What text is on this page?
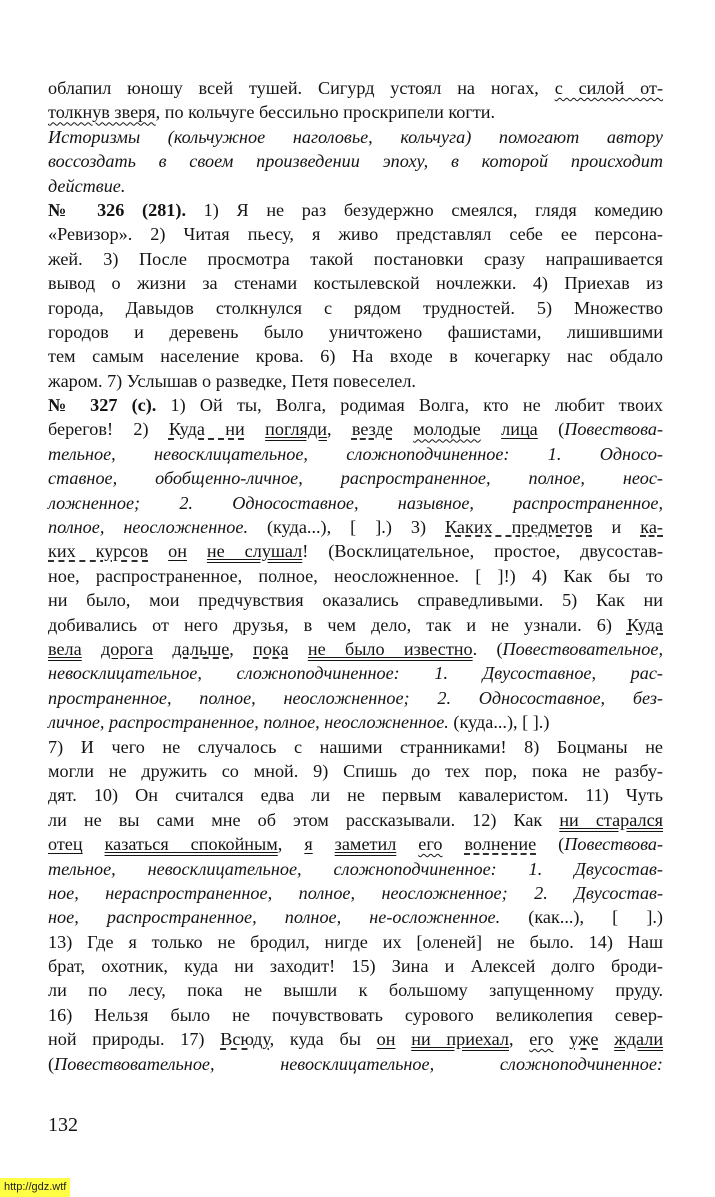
облапил юношу всей тушей. Сигурд устоял на ногах, с силой от-
толкнув зверя, по кольчуге бессильно проскрипели когти.
Историзмы (кольчужное наголовье, кольчуга) помогают автору
воссоздать в своем произведении эпоху, в которой происходит
действие.
№ 326 (281). 1) Я не раз безудержно смеялся, глядя комедию
«Ревизор». 2) Читая пьесу, я живо представлял себе ее персона-
жей. 3) После просмотра такой постановки сразу напрашивается
вывод о жизни за стенами костылевской ночлежки. 4) Приехав из
города, Давыдов столкнулся с рядом трудностей. 5) Множество
городов и деревень было уничтожено фашистами, лишившими
тем самым население крова. 6) На входе в кочегарку нас обдало
жаром. 7) Услышав о разведке, Петя повеселел.
№ 327 (с). 1) Ой ты, Волга, родимая Волга, кто не любит твоих
берегов! 2) Куда ни погляди, везде молодые лица (Повествова-
тельное, невосклицательное, сложноподчиненное: 1. Односо-
ставное, обобщенно-личное, распространенное, полное, неос-
ложненное; 2. Односоставное, назывное, распространенное,
полное, неосложненное. (куда...), [ ].) 3) Каких предметов и ка-
ких курсов он не слушал! (Восклицательное, простое, двусостав-
ное, распространенное, полное, неосложненное. [ ]!) 4) Как бы то
ни было, мои предчувствия оказались справедливыми. 5) Как ни
добивались от него друзья, в чем дело, так и не узнали. 6) Куда
вела дорога дальше, пока не было известно. (Повествовательное,
невосклицательное, сложноподчиненное: 1. Двусоставное, рас-
пространенное, полное, неосложненное; 2. Односоставное, без-
личное, распространенное, полное, неосложненное. (куда...), [ ].)
7) И чего не случалось с нашими странниками! 8) Боцманы не
могли не дружить со мной. 9) Спишь до тех пор, пока не разбу-
дят. 10) Он считался едва ли не первым кавалеристом. 11) Чуть
ли не вы сами мне об этом рассказывали. 12) Как ни старался
отец казаться спокойным, я заметил его волнение (Повествова-
тельное, невосклицательное, сложноподчиненное: 1. Двусостав-
ное, нераспространенное, полное, неосложненное; 2. Двусостав-
ное, распространенное, полное, не-осложненное. (как...), [ ].)
13) Где я только не бродил, нигде их [оленей] не было. 14) Наш
брат, охотник, куда ни заходит! 15) Зина и Алексей долго броди-
ли по лесу, пока не вышли к большому запущенному пруду.
16) Нельзя было не почувствовать сурового великолепия север-
ной природы. 17) Всюду, куда бы он ни приехал, его уже ждали
(Повествовательное, невосклицательное, сложноподчиненное:
132
http://gdz.wtf
